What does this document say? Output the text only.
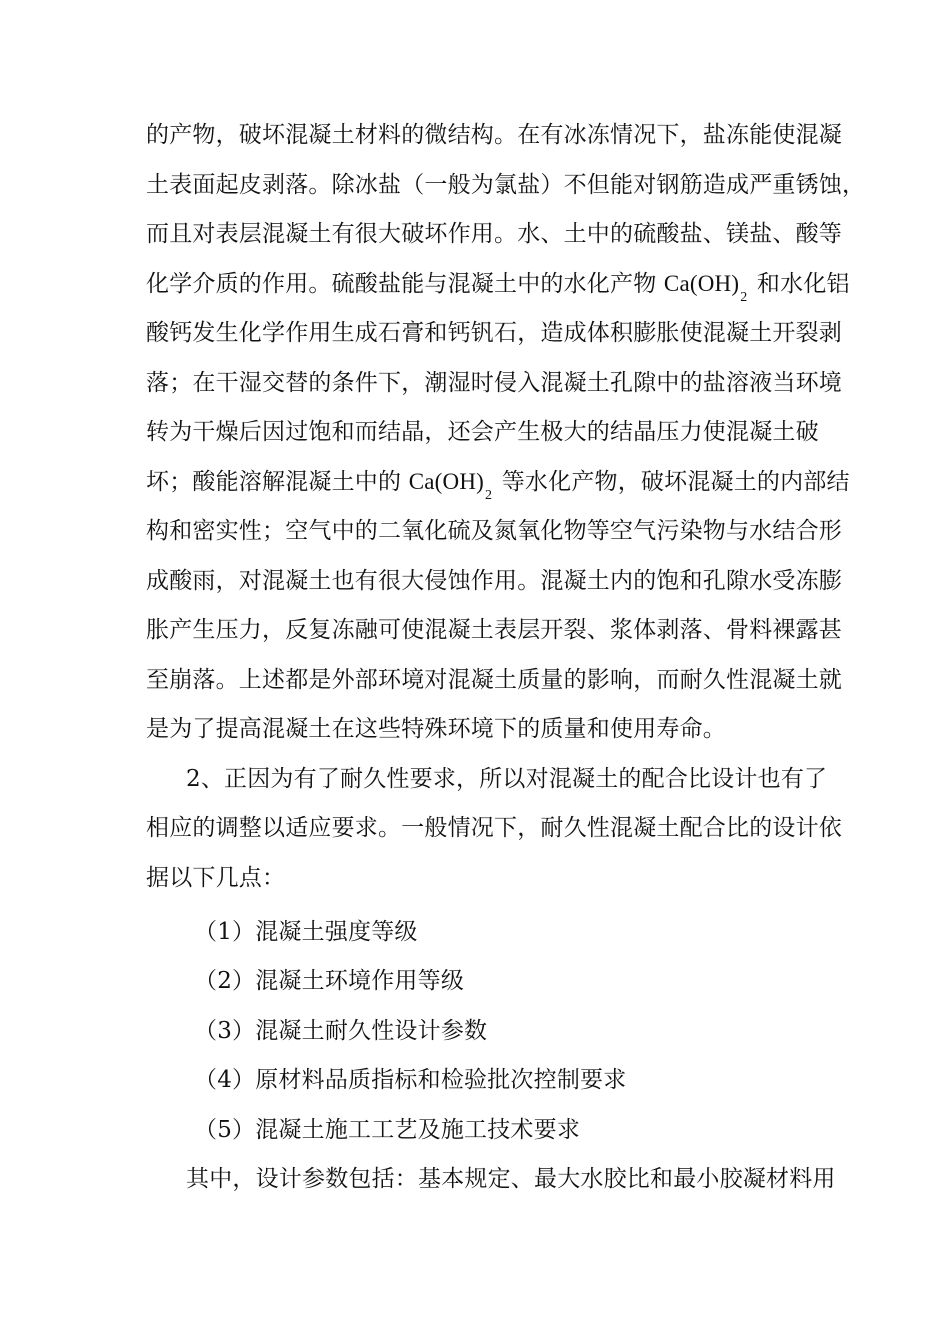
的产物，破坏混凝土材料的微结构。在有冰冻情况下，盐冻能使混凝
土表面起皮剥落。除冰盐（一般为氯盐）不但能对钢筋造成严重锈蚀，
而且对表层混凝土有很大破坏作用。水、土中的硫酸盐、镁盐、酸等
化学介质的作用。硫酸盐能与混凝土中的水化产物 $Ca(OH)_2$ 和水化铝
酸钙发生化学作用生成石膏和钙钒石，造成体积膨胀使混凝土开裂剥
落；在干湿交替的条件下，潮湿时侵入混凝土孔隙中的盐溶液当环境
转为干燥后因过饱和而结晶，还会产生极大的结晶压力使混凝土破
坏；酸能溶解混凝土中的 $Ca(OH)_2$ 等水化产物，破坏混凝土的内部结
构和密实性；空气中的二氧化硫及氮氧化物等空气污染物与水结合形
成酸雨，对混凝土也有很大侵蚀作用。混凝土内的饱和孔隙水受冻膨
胀产生压力，反复冻融可使混凝土表层开裂、浆体剥落、骨料裸露甚
至崩落。上述都是外部环境对混凝土质量的影响，而耐久性混凝土就
是为了提高混凝土在这些特殊环境下的质量和使用寿命。
2、正因为有了耐久性要求，所以对混凝土的配合比设计也有了
相应的调整以适应要求。一般情况下，耐久性混凝土配合比的设计依
据以下几点：
（1）混凝土强度等级
（2）混凝土环境作用等级
（3）混凝土耐久性设计参数
（4）原材料品质指标和检验批次控制要求
（5）混凝土施工工艺及施工技术要求
其中，设计参数包括：基本规定、最大水胶比和最小胶凝材料用
